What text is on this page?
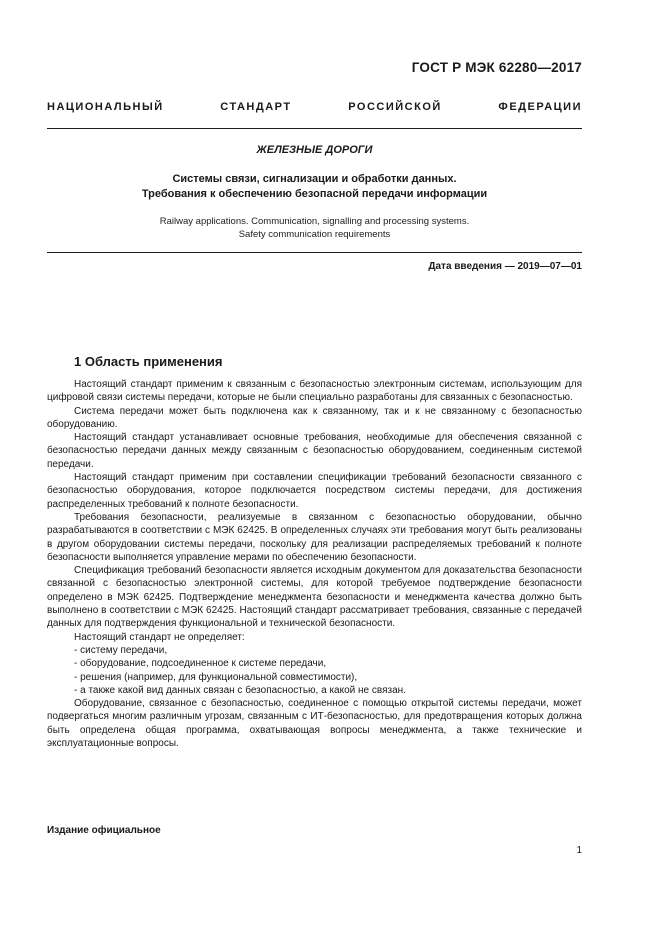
ГОСТ Р МЭК 62280—2017
НАЦИОНАЛЬНЫЙ СТАНДАРТ РОССИЙСКОЙ ФЕДЕРАЦИИ
ЖЕЛЕЗНЫЕ ДОРОГИ
Системы связи, сигнализации и обработки данных.
Требования к обеспечению безопасной передачи информации
Railway applications. Communication, signalling and processing systems.
Safety communication requirements
Дата введения — 2019—07—01
1 Область применения

Настоящий стандарт применим к связанным с безопасностью электронным системам, использующим для цифровой связи системы передачи, которые не были специально разработаны для связанных с безопасностью.

Система передачи может быть подключена как к связанному, так и к не связанному с безопасностью оборудованию.

Настоящий стандарт устанавливает основные требования, необходимые для обеспечения связанной с безопасностью передачи данных между связанным с безопасностью оборудованием, соединенным системой передачи.

Настоящий стандарт применим при составлении спецификации требований безопасности связанного с безопасностью оборудования, которое подключается посредством системы передачи, для достижения распределенных требований к полноте безопасности.

Требования безопасности, реализуемые в связанном с безопасностью оборудовании, обычно разрабатываются в соответствии с МЭК 62425. В определенных случаях эти требования могут быть реализованы в другом оборудовании системы передачи, поскольку для реализации распределяемых требований к полноте безопасности выполняется управление мерами по обеспечению безопасности.

Спецификация требований безопасности является исходным документом для доказательства безопасности связанной с безопасностью электронной системы, для которой требуемое подтверждение безопасности определено в МЭК 62425. Подтверждение менеджмента безопасности и менеджмента качества должно быть выполнено в соответствии с МЭК 62425. Настоящий стандарт рассматривает требования, связанные с передачей данных для подтверждения функциональной и технической безопасности.

Настоящий стандарт не определяет:

- систему передачи,

- оборудование, подсоединенное к системе передачи,

- решения (например, для функциональной совместимости),

- а также какой вид данных связан с безопасностью, а какой не связан.

Оборудование, связанное с безопасностью, соединенное с помощью открытой системы передачи, может подвергаться многим различным угрозам, связанным с ИТ-безопасностью, для предотвращения которых должна быть определена общая программа, охватывающая вопросы менеджмента, а также технические и эксплуатационные вопросы.

Издание официальное
1
